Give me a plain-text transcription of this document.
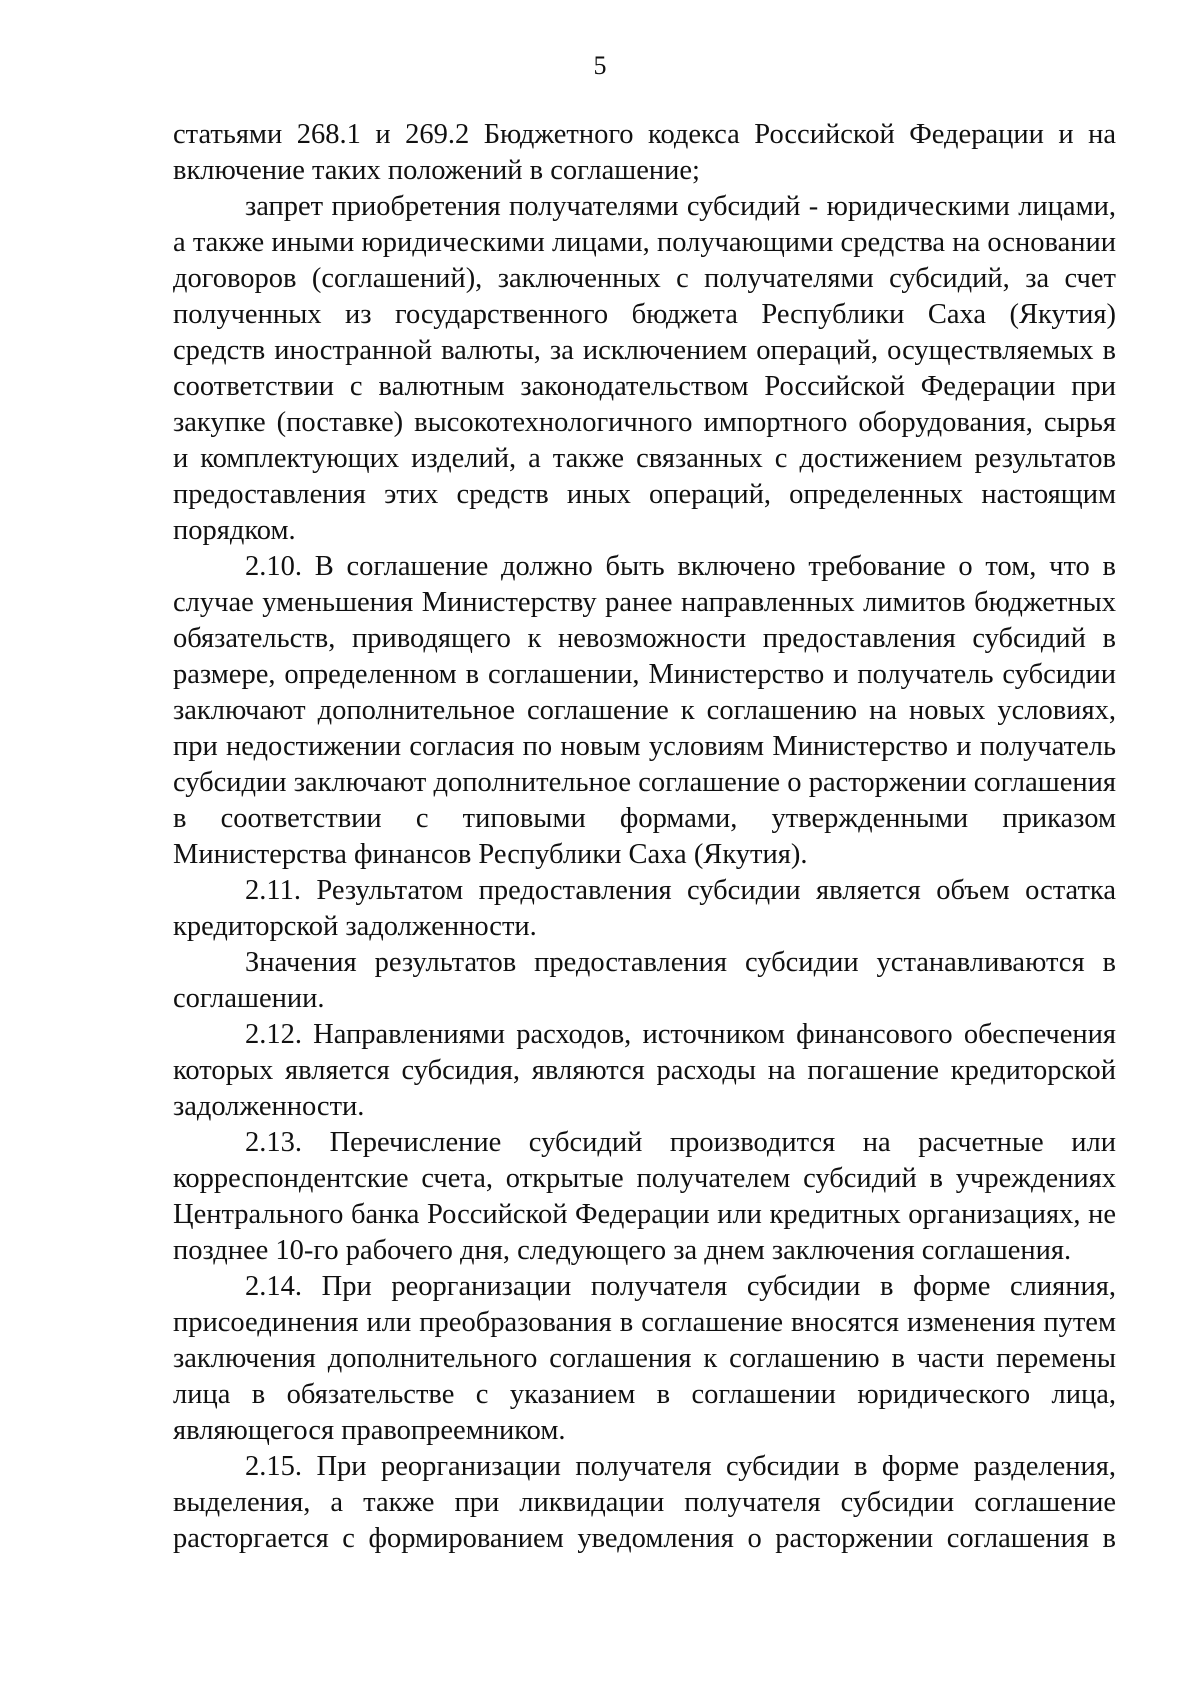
5

статьями 268.1 и 269.2 Бюджетного кодекса Российской Федерации и на включение таких положений в соглашение;

запрет приобретения получателями субсидий - юридическими лицами, а также иными юридическими лицами, получающими средства на основании договоров (соглашений), заключенных с получателями субсидий, за счет полученных из государственного бюджета Республики Саха (Якутия) средств иностранной валюты, за исключением операций, осуществляемых в соответствии с валютным законодательством Российской Федерации при закупке (поставке) высокотехнологичного импортного оборудования, сырья и комплектующих изделий, а также связанных с достижением результатов предоставления этих средств иных операций, определенных настоящим порядком.

2.10. В соглашение должно быть включено требование о том, что в случае уменьшения Министерству ранее направленных лимитов бюджетных обязательств, приводящего к невозможности предоставления субсидий в размере, определенном в соглашении, Министерство и получатель субсидии заключают дополнительное соглашение к соглашению на новых условиях, при недостижении согласия по новым условиям Министерство и получатель субсидии заключают дополнительное соглашение о расторжении соглашения в соответствии с типовыми формами, утвержденными приказом Министерства финансов Республики Саха (Якутия).

2.11. Результатом предоставления субсидии является объем остатка кредиторской задолженности.

Значения результатов предоставления субсидии устанавливаются в соглашении.

2.12. Направлениями расходов, источником финансового обеспечения которых является субсидия, являются расходы на погашение кредиторской задолженности.

2.13. Перечисление субсидий производится на расчетные или корреспондентские счета, открытые получателем субсидий в учреждениях Центрального банка Российской Федерации или кредитных организациях, не позднее 10-го рабочего дня, следующего за днем заключения соглашения.

2.14. При реорганизации получателя субсидии в форме слияния, присоединения или преобразования в соглашение вносятся изменения путем заключения дополнительного соглашения к соглашению в части перемены лица в обязательстве с указанием в соглашении юридического лица, являющегося правопреемником.

2.15. При реорганизации получателя субсидии в форме разделения, выделения, а также при ликвидации получателя субсидии соглашение расторгается с формированием уведомления о расторжении соглашения в
